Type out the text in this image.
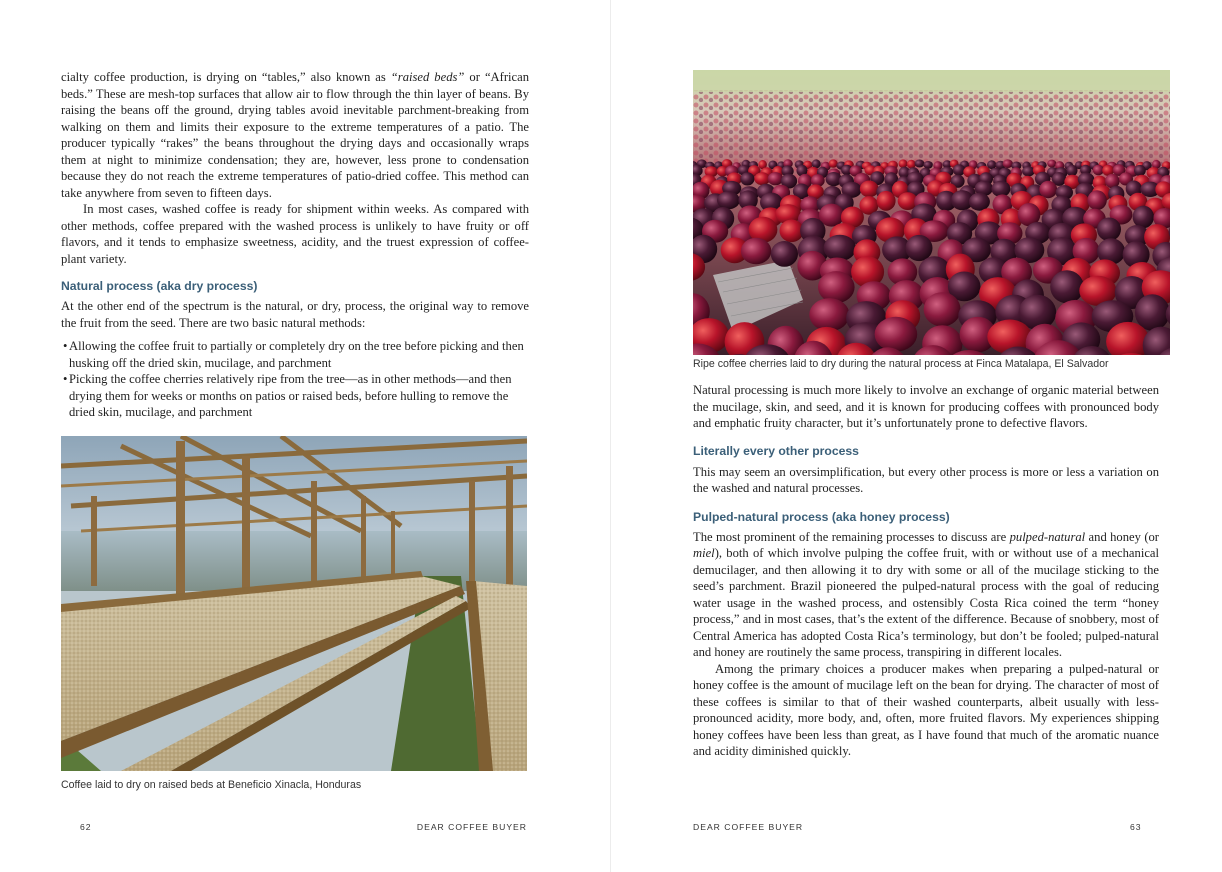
cialty coffee production, is drying on “tables,” also known as “raised beds” or “African beds.” These are mesh-top surfaces that allow air to flow through the thin layer of beans. By raising the beans off the ground, drying tables avoid inevitable parchment-breaking from walking on them and limits their exposure to the extreme temperatures of a patio. The producer typically “rakes” the beans throughout the drying days and occasionally wraps them at night to minimize condensation; they are, however, less prone to condensation because they do not reach the extreme temperatures of patio-dried coffee. This method can take anywhere from seven to fifteen days.

In most cases, washed coffee is ready for shipment within weeks. As compared with other methods, coffee prepared with the washed process is unlikely to have fruity or off flavors, and it tends to emphasize sweetness, acidity, and the truest expression of coffee-plant variety.

Natural process (aka dry process)

At the other end of the spectrum is the natural, or dry, process, the original way to remove the fruit from the seed. There are two basic natural methods:

• Allowing the coffee fruit to partially or completely dry on the tree before picking and then husking off the dried skin, mucilage, and parchment
• Picking the coffee cherries relatively ripe from the tree—as in other methods—and then drying them for weeks or months on patios or raised beds, before hulling to remove the dried skin, mucilage, and parchment
Coffee laid to dry on raised beds at Beneficio Xinacla, Honduras
62	DEAR COFFEE BUYER
Ripe coffee cherries laid to dry during the natural process at Finca Matalapa, El Salvador

Natural processing is much more likely to involve an exchange of organic material between the mucilage, skin, and seed, and it is known for producing coffees with pronounced body and emphatic fruity character, but it’s unfortunately prone to defective flavors.

Literally every other process

This may seem an oversimplification, but every other process is more or less a variation on the washed and natural processes.

Pulped-natural process (aka honey process)

The most prominent of the remaining processes to discuss are pulped-natural and honey (or miel), both of which involve pulping the coffee fruit, with or without use of a mechanical demucilager, and then allowing it to dry with some or all of the mucilage sticking to the seed’s parchment. Brazil pioneered the pulped-natural process with the goal of reducing water usage in the washed process, and ostensibly Costa Rica coined the term “honey process,” and in most cases, that’s the extent of the difference. Because of snobbery, most of Central America has adopted Costa Rica’s terminology, but don’t be fooled; pulped-natural and honey are routinely the same process, transpiring in different locales.

Among the primary choices a producer makes when preparing a pulped-natural or honey coffee is the amount of mucilage left on the bean for drying. The character of most of these coffees is similar to that of their washed counterparts, albeit usually with less-pronounced acidity, more body, and, often, more fruited flavors. My experiences shipping honey coffees have been less than great, as I have found that much of the aromatic nuance and acidity diminished quickly.

DEAR COFFEE BUYER	63
